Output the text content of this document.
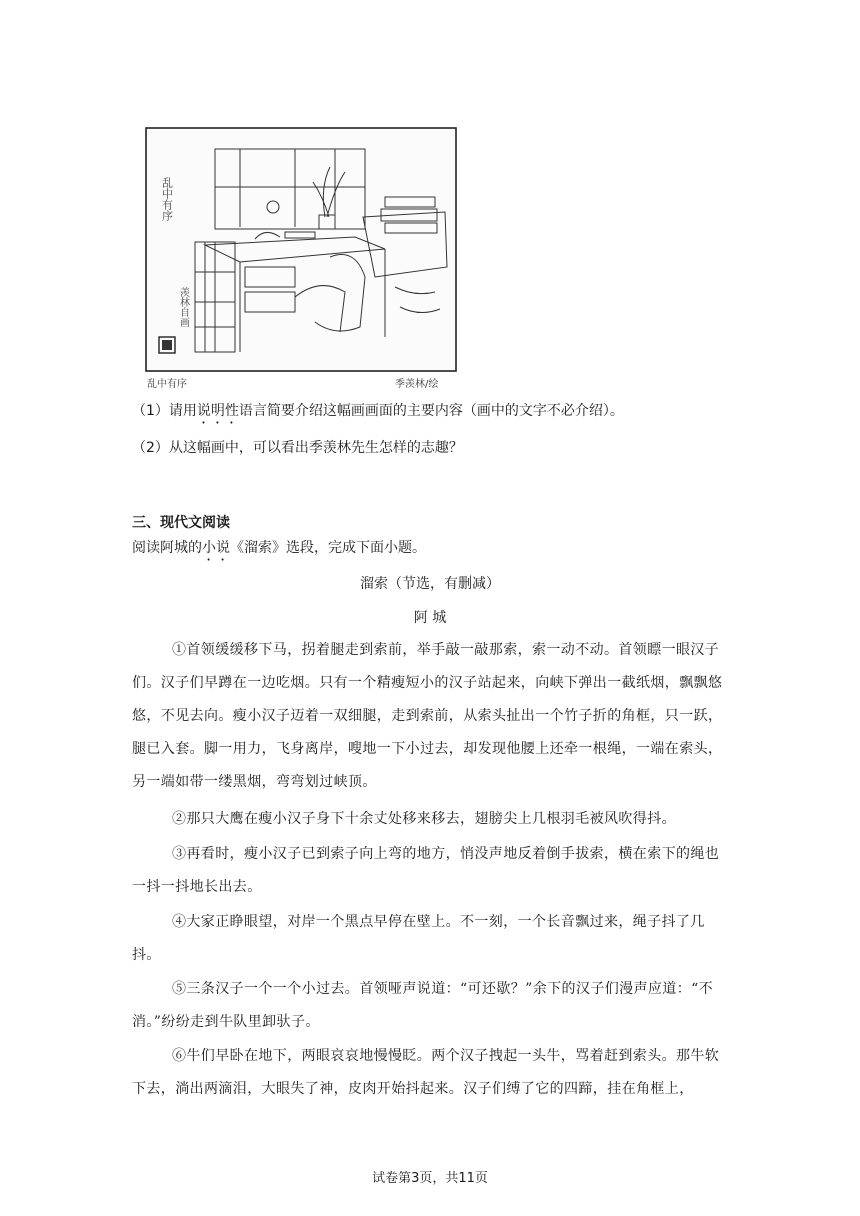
乱中有序
羡林自画
乱中有序	季羡林/绘
（1）请用说明性语言简要介绍这幅画画面的主要内容（画中的文字不必介绍）。
（2）从这幅画中，可以看出季羡林先生怎样的志趣？
三、现代文阅读
阅读阿城的小说《溜索》选段，完成下面小题。
溜索（节选，有删减）
阿 城
①首领缓缓移下马，拐着腿走到索前，举手敲一敲那索，索一动不动。首领瞟一眼汉子们。汉子们早蹲在一边吃烟。只有一个精瘦短小的汉子站起来，向峡下弹出一截纸烟，飘飘悠悠，不见去向。瘦小汉子迈着一双细腿，走到索前，从索头扯出一个竹子折的角框，只一跃，腿已入套。脚一用力，飞身离岸，嗖地一下小过去，却发现他腰上还牵一根绳，一端在索头，另一端如带一缕黑烟，弯弯划过峡顶。
②那只大鹰在瘦小汉子身下十余丈处移来移去，翅膀尖上几根羽毛被风吹得抖。
③再看时，瘦小汉子已到索子向上弯的地方，悄没声地反着倒手拔索，横在索下的绳也一抖一抖地长出去。
④大家正睁眼望，对岸一个黑点早停在壁上。不一刻，一个长音飘过来，绳子抖了几抖。
⑤三条汉子一个一个小过去。首领哑声说道：“可还歇？”余下的汉子们漫声应道：“不消。”纷纷走到牛队里卸驮子。
⑥牛们早卧在地下，两眼哀哀地慢慢眨。两个汉子拽起一头牛，骂着赶到索头。那牛软下去，淌出两滴泪，大眼失了神，皮肉开始抖起来。汉子们缚了它的四蹄，挂在角框上，
试卷第3页，共11页
